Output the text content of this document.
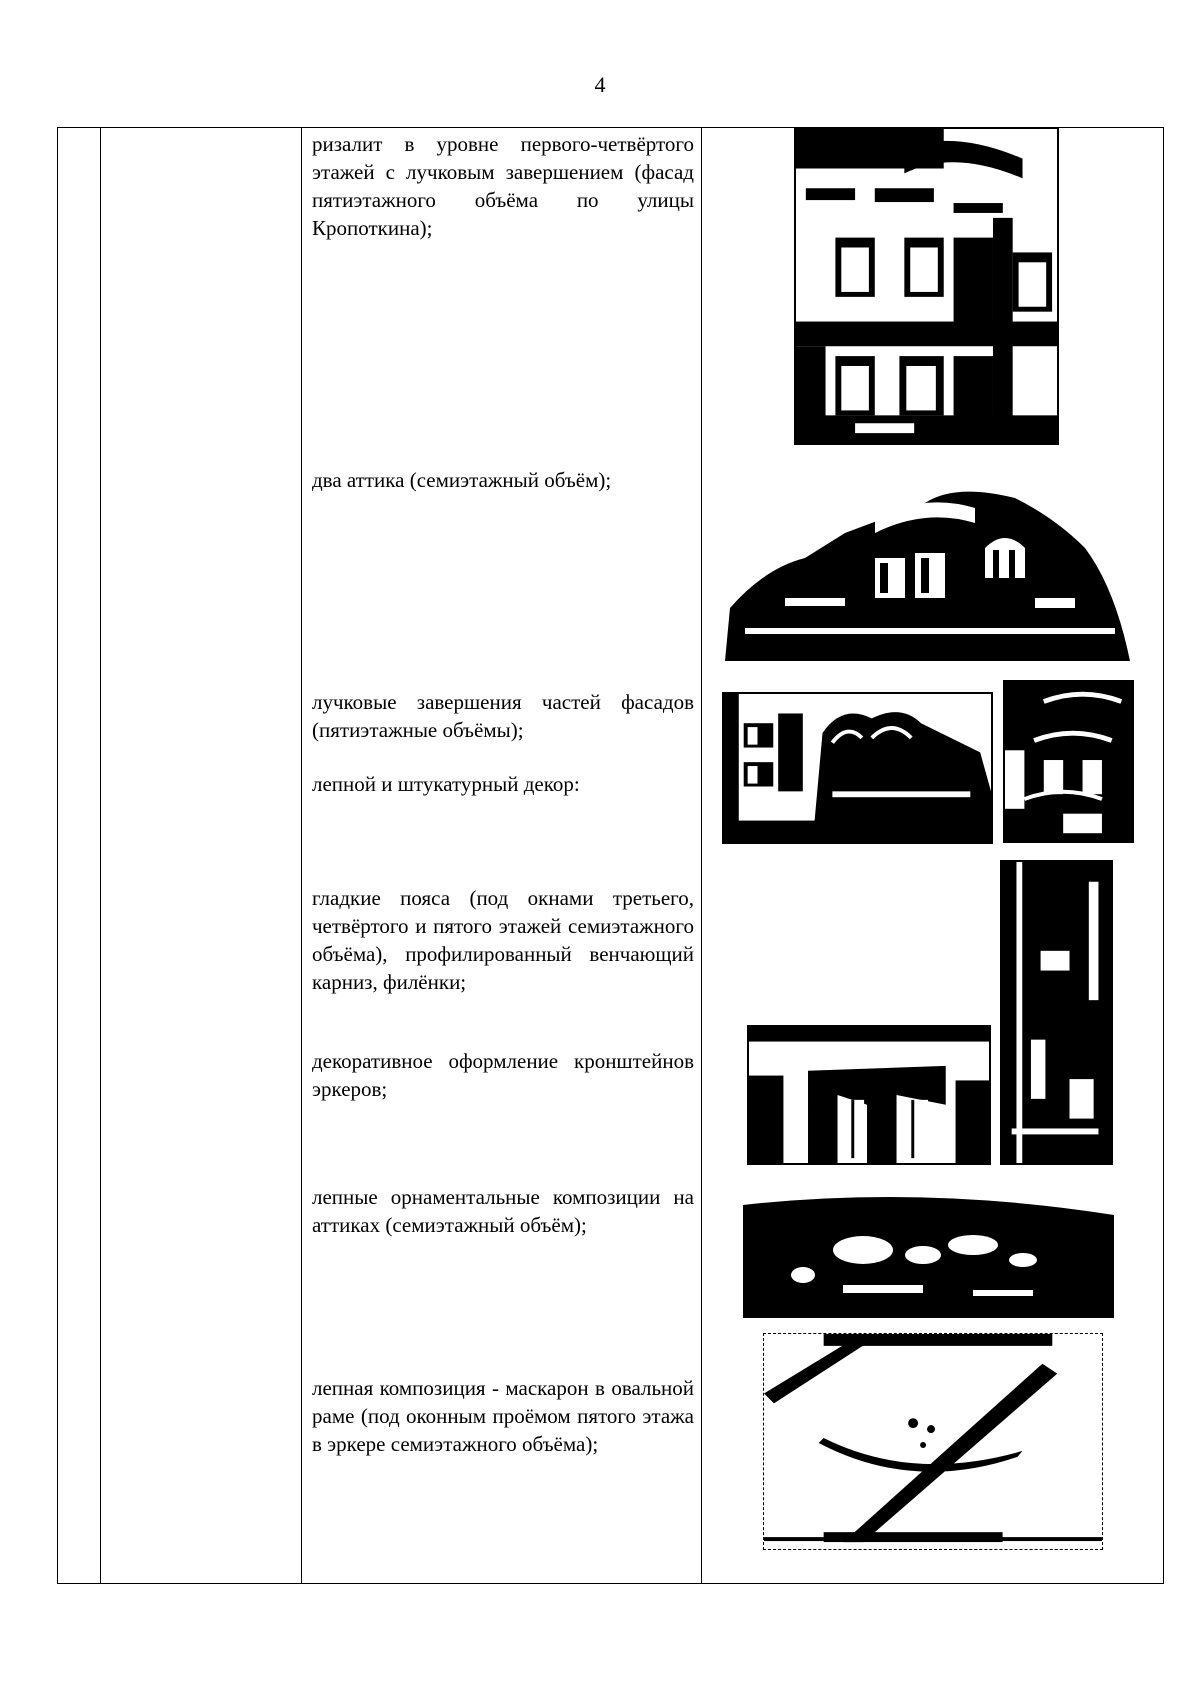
4

ризалит в уровне первого-четвёртого этажей с лучковым завершением (фасад пятиэтажного объёма по улицы Кропоткина);

два аттика (семиэтажный объём);

лучковые завершения частей фасадов (пятиэтажные объёмы);

лепной и штукатурный декор:

гладкие пояса (под окнами третьего, четвёртого и пятого этажей семиэтажного объёма), профилированный венчающий карниз, филёнки;

декоративное оформление кронштейнов эркеров;

лепные орнаментальные композиции на аттиках (семиэтажный объём);

лепная композиция - маскарон в овальной раме (под оконным проёмом пятого этажа в эркере семиэтажного объёма);
